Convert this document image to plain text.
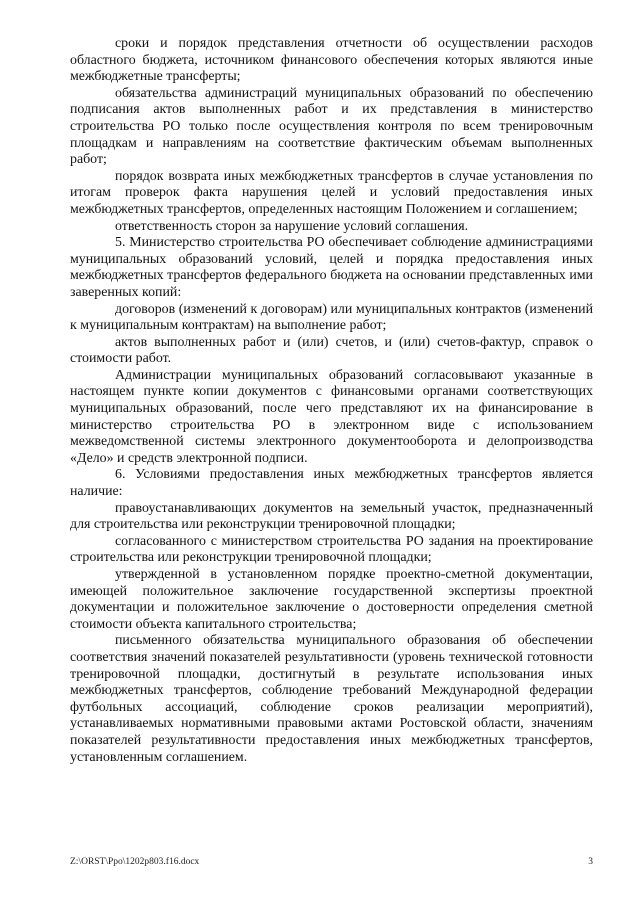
сроки и порядок представления отчетности об осуществлении расходов областного бюджета, источником финансового обеспечения которых являются иные межбюджетные трансферты;

обязательства администраций муниципальных образований по обеспечению подписания актов выполненных работ и их представления в министерство строительства РО только после осуществления контроля по всем тренировочным площадкам и направлениям на соответствие фактическим объемам выполненных работ;

порядок возврата иных межбюджетных трансфертов в случае установления по итогам проверок факта нарушения целей и условий предоставления иных межбюджетных трансфертов, определенных настоящим Положением и соглашением;

ответственность сторон за нарушение условий соглашения.

5. Министерство строительства РО обеспечивает соблюдение администрациями муниципальных образований условий, целей и порядка предоставления иных межбюджетных трансфертов федерального бюджета на основании представленных ими заверенных копий:

договоров (изменений к договорам) или муниципальных контрактов (изменений к муниципальным контрактам) на выполнение работ;

актов выполненных работ и (или) счетов, и (или) счетов-фактур, справок о стоимости работ.

Администрации муниципальных образований согласовывают указанные в настоящем пункте копии документов с финансовыми органами соответствующих муниципальных образований, после чего представляют их на финансирование в министерство строительства РО в электронном виде с использованием межведомственной системы электронного документооборота и делопроизводства «Дело» и средств электронной подписи.

6. Условиями предоставления иных межбюджетных трансфертов является наличие:

правоустанавливающих документов на земельный участок, предназначенный для строительства или реконструкции тренировочной площадки;

согласованного с министерством строительства РО задания на проектирование строительства или реконструкции тренировочной площадки;

утвержденной в установленном порядке проектно-сметной документации, имеющей положительное заключение государственной экспертизы проектной документации и положительное заключение о достоверности определения сметной стоимости объекта капитального строительства;

письменного обязательства муниципального образования об обеспечении соответствия значений показателей результативности (уровень технической готовности тренировочной площадки, достигнутый в результате использования иных межбюджетных трансфертов, соблюдение требований Международной федерации футбольных ассоциаций, соблюдение сроков реализации мероприятий), устанавливаемых нормативными правовыми актами Ростовской области, значениям показателей результативности предоставления иных межбюджетных трансфертов, установленным соглашением.

Z:\ORST\Ppo\1202p803.f16.docx	3
